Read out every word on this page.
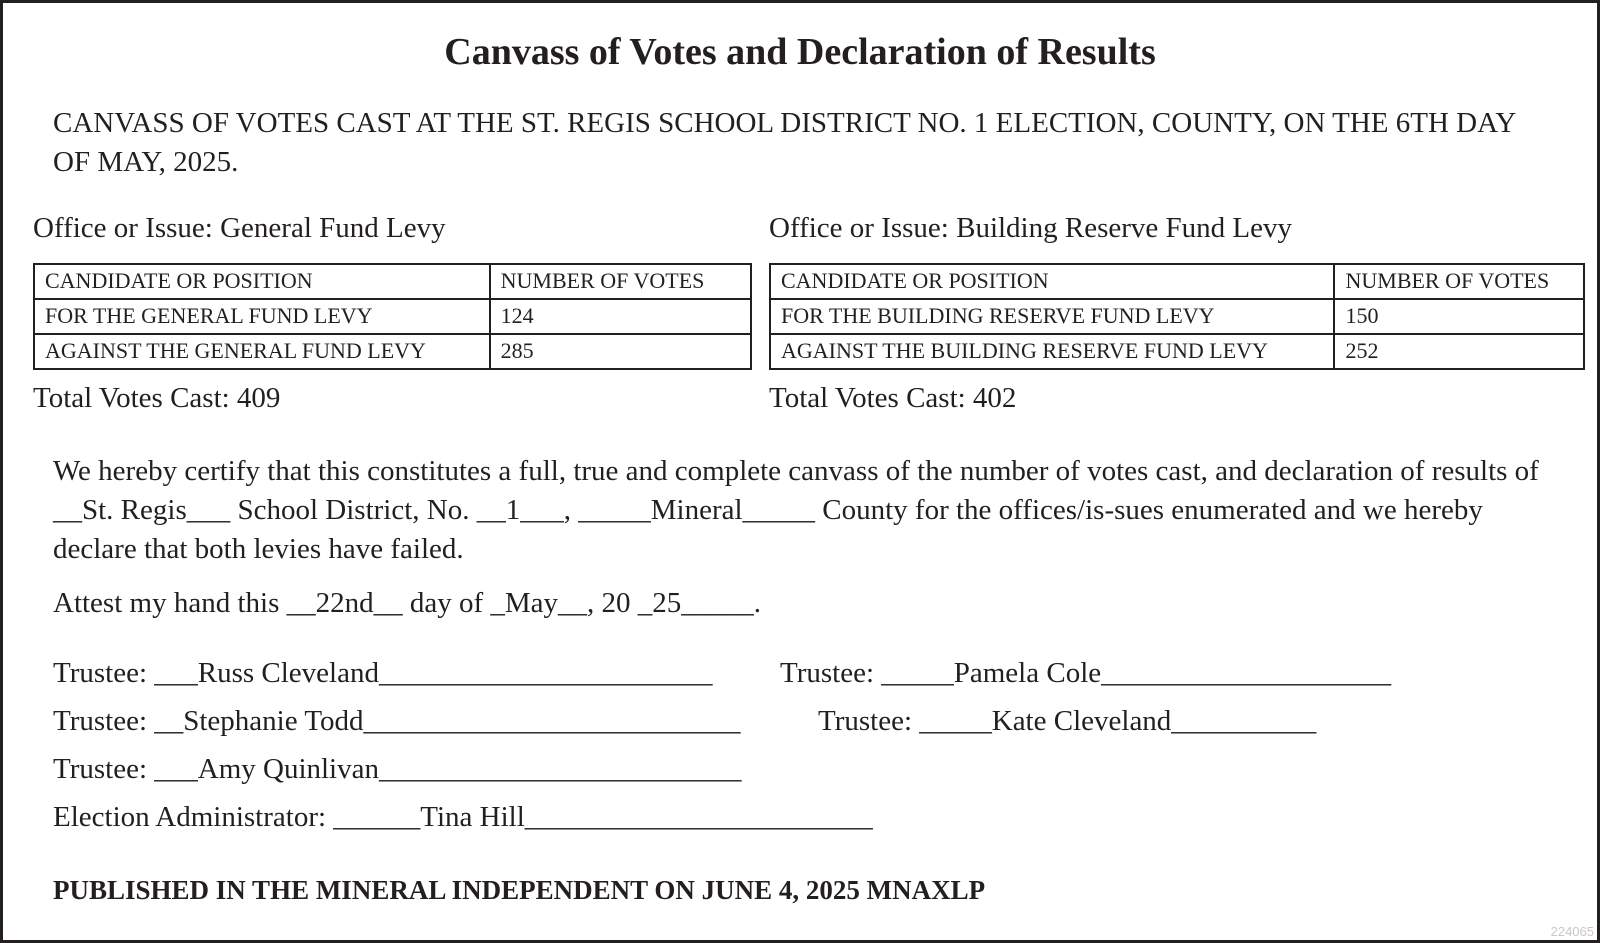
Canvass of Votes and Declaration of Results
CANVASS OF VOTES CAST AT THE ST. REGIS SCHOOL DISTRICT NO. 1 ELECTION, COUNTY, ON THE 6TH DAY OF MAY, 2025.
Office or Issue: General Fund Levy
CANDIDATE OR POSITION	NUMBER OF VOTES
FOR THE GENERAL FUND LEVY	124
AGAINST THE GENERAL FUND LEVY	285
Total Votes Cast: 409
Office or Issue: Building Reserve Fund Levy
CANDIDATE OR POSITION	NUMBER OF VOTES
FOR THE BUILDING RESERVE FUND LEVY	150
AGAINST THE BUILDING RESERVE FUND LEVY	252
Total Votes Cast: 402
We hereby certify that this constitutes a full, true and complete canvass of the number of votes cast, and declaration of results of __St. Regis___ School District, No. __1___, _____Mineral_____ County for the offices/is-sues enumerated and we hereby declare that both levies have failed.
Attest my hand this __22nd__ day of _May__, 20 _25_____.
Trustee: ___Russ Cleveland_______________________ Trustee: _____Pamela Cole____________________
Trustee: __Stephanie Todd__________________________	Trustee: _____Kate Cleveland__________
Trustee: ___Amy Quinlivan_________________________
Election Administrator: ______Tina Hill________________________
PUBLISHED IN THE MINERAL INDEPENDENT ON JUNE 4, 2025 MNAXLP
224065
